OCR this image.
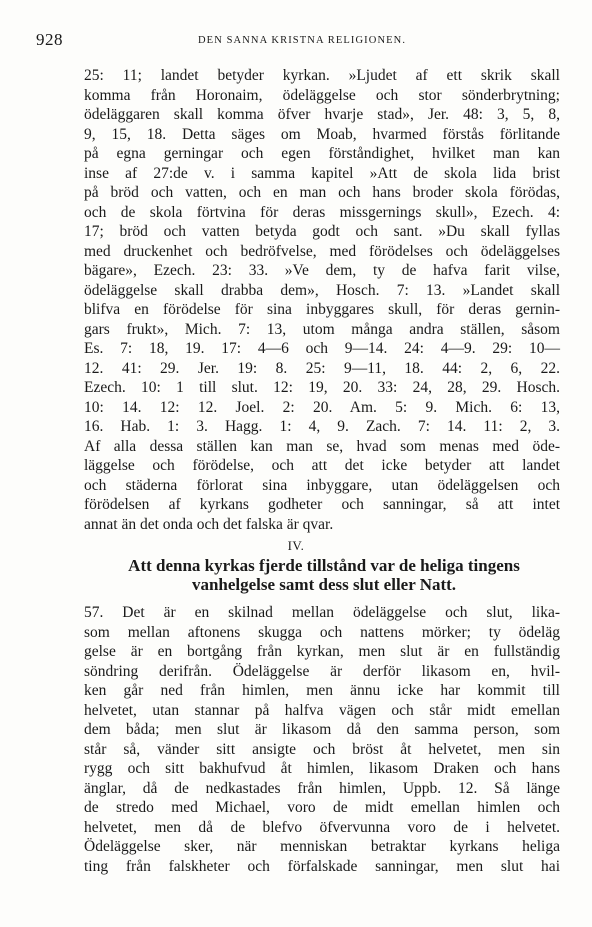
928	DEN SANNA KRISTNA RELIGIONEN.
25: 11; landet betyder kyrkan. »Ljudet af ett skrik skall
komma från Horonaim, ödeläggelse och stor sönderbrytning;
ödeläggaren skall komma öfver hvarje stad», Jer. 48: 3, 5, 8,
9, 15, 18. Detta säges om Moab, hvarmed förstås förlitande
på egna gerningar och egen förståndighet, hvilket man kan
inse af 27:de v. i samma kapitel »Att de skola lida brist
på bröd och vatten, och en man och hans broder skola förödas,
och de skola förtvina för deras missgernings skull», Ezech. 4:
17; bröd och vatten betyda godt och sant. »Du skall fyllas
med druckenhet och bedröfvelse, med förödelses och ödeläggelses
bägare», Ezech. 23: 33. »Ve dem, ty de hafva farit vilse,
ödeläggelse skall drabba dem», Hosch. 7: 13. »Landet skall
blifva en förödelse för sina inbyggares skull, för deras gernin-
gars frukt», Mich. 7: 13, utom många andra ställen, såsom
Es. 7: 18, 19. 17: 4—6 och 9—14. 24: 4—9. 29: 10—
12. 41: 29. Jer. 19: 8. 25: 9—11, 18. 44: 2, 6, 22.
Ezech. 10: 1 till slut. 12: 19, 20. 33: 24, 28, 29. Hosch.
10: 14. 12: 12. Joel. 2: 20. Am. 5: 9. Mich. 6: 13,
16. Hab. 1: 3. Hagg. 1: 4, 9. Zach. 7: 14. 11: 2, 3.
Af alla dessa ställen kan man se, hvad som menas med öde-
läggelse och förödelse, och att det icke betyder att landet
och städerna förlorat sina inbyggare, utan ödeläggelsen och
förödelsen af kyrkans godheter och sanningar, så att intet
annat än det onda och det falska är qvar.
IV.
Att denna kyrkas fjerde tillstånd var de heliga tingens
vanhelgelse samt dess slut eller Natt.
57. Det är en skilnad mellan ödeläggelse och slut, lika-
som mellan aftonens skugga och nattens mörker; ty ödeläg
gelse är en bortgång från kyrkan, men slut är en fullständig
söndring derifrån. Ödeläggelse är derför likasom en, hvil-
ken går ned från himlen, men ännu icke har kommit till
helvetet, utan stannar på halfva vägen och står midt emellan
dem båda; men slut är likasom då den samma person, som
står så, vänder sitt ansigte och bröst åt helvetet, men sin
rygg och sitt bakhufvud åt himlen, likasom Draken och hans
änglar, då de nedkastades från himlen, Uppb. 12. Så länge
de stredo med Michael, voro de midt emellan himlen och
helvetet, men då de blefvo öfvervunna voro de i helvetet.
Ödeläggelse sker, när menniskan betraktar kyrkans heliga
ting från falskheter och förfalskade sanningar, men slut hai
